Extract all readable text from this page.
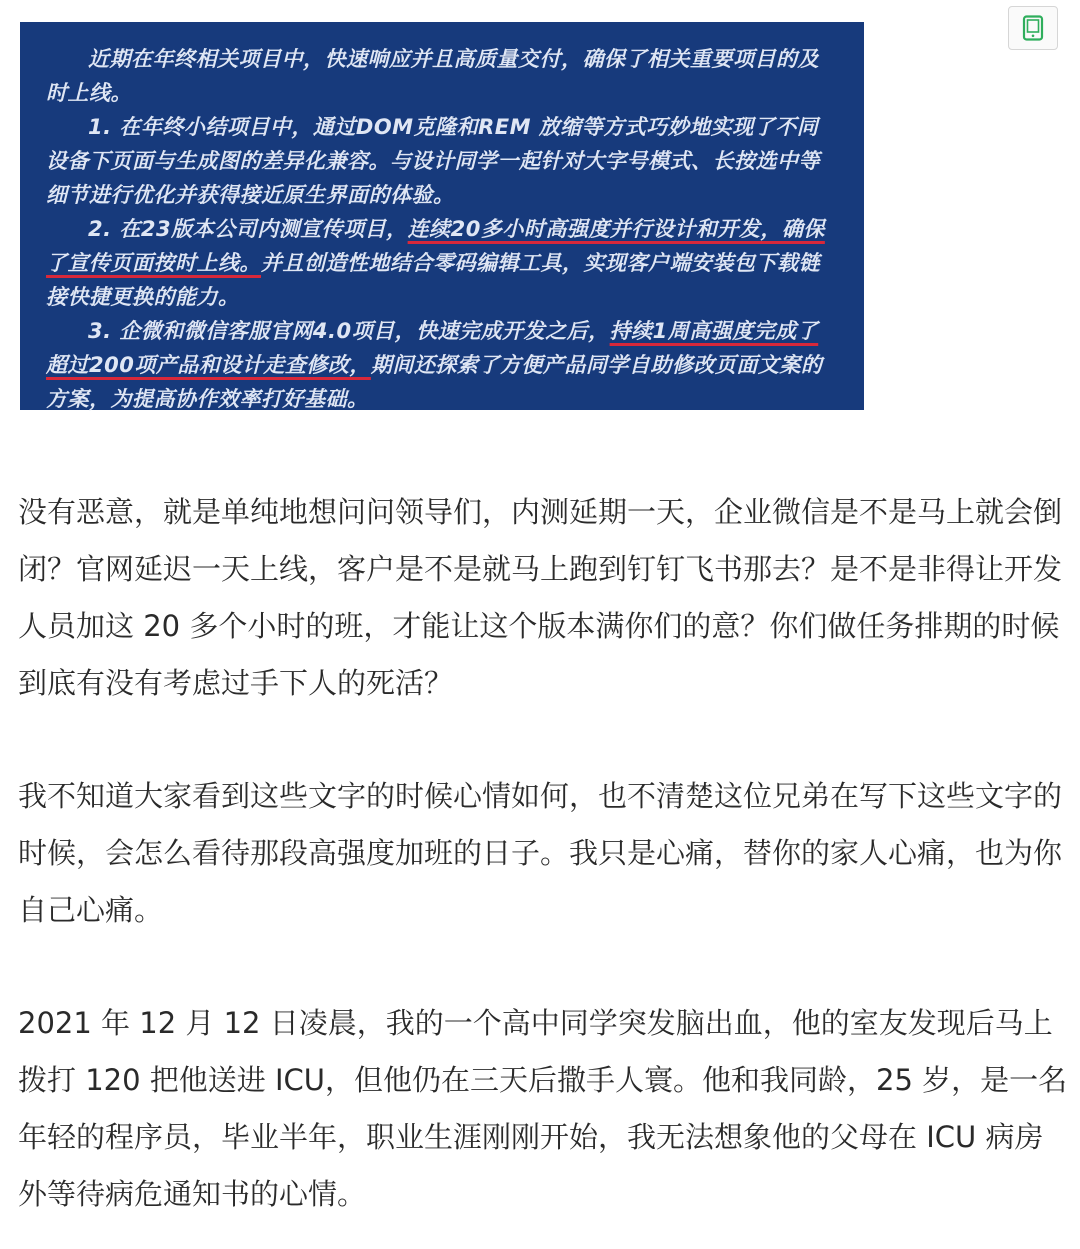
近期在年终相关项目中，快速响应并且高质量交付，确保了相关重要项目的及时上线。

1. 在年终小结项目中，通过DOM克隆和REM 放缩等方式巧妙地实现了不同设备下页面与生成图的差异化兼容。与设计同学一起针对大字号模式、长按选中等细节进行优化并获得接近原生界面的体验。

2. 在23版本公司内测宣传项目，连续20多小时高强度并行设计和开发，确保了宣传页面按时上线。并且创造性地结合零码编辑工具，实现客户端安装包下载链接快捷更换的能力。

3. 企微和微信客服官网4.0项目，快速完成开发之后，持续1周高强度完成了超过200项产品和设计走查修改，期间还探索了方便产品同学自助修改页面文案的方案，为提高协作效率打好基础。

没有恶意，就是单纯地想问问领导们，内测延期一天，企业微信是不是马上就会倒闭？官网延迟一天上线，客户是不是就马上跑到钉钉飞书那去？是不是非得让开发人员加这 20 多个小时的班，才能让这个版本满你们的意？你们做任务排期的时候到底有没有考虑过手下人的死活？

我不知道大家看到这些文字的时候心情如何，也不清楚这位兄弟在写下这些文字的时候，会怎么看待那段高强度加班的日子。我只是心痛，替你的家人心痛，也为你自己心痛。

2021 年 12 月 12 日凌晨，我的一个高中同学突发脑出血，他的室友发现后马上拨打 120 把他送进 ICU，但他仍在三天后撒手人寰。他和我同龄，25 岁，是一名年轻的程序员，毕业半年，职业生涯刚刚开始，我无法想象他的父母在 ICU 病房外等待病危通知书的心情。
